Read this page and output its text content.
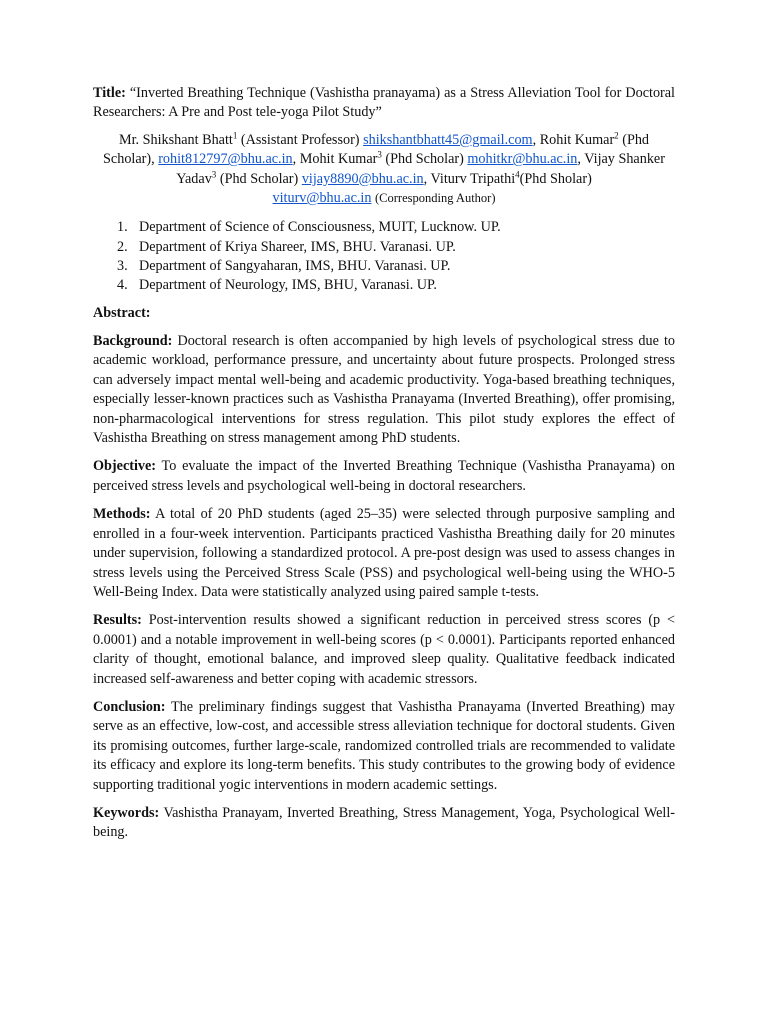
Title: “Inverted Breathing Technique (Vashistha pranayama) as a Stress Alleviation Tool for Doctoral Researchers: A Pre and Post tele-yoga Pilot Study”

Mr. Shikshant Bhatt$^1$ (Assistant Professor) shikshantbhatt45@gmail.com, Rohit Kumar$^2$ (Phd Scholar), rohit812797@bhu.ac.in, Mohit Kumar$^3$ (Phd Scholar) mohitkr@bhu.ac.in, Vijay Shanker Yadav$^3$ (Phd Scholar) vijay8890@bhu.ac.in, Viturv Tripathi$^4$(Phd Sholar)
viturv@bhu.ac.in (Corresponding Author)

1. Department of Science of Consciousness, MUIT, Lucknow. UP.
2. Department of Kriya Shareer, IMS, BHU. Varanasi. UP.
3. Department of Sangyaharan, IMS, BHU. Varanasi. UP.
4. Department of Neurology, IMS, BHU, Varanasi. UP.

Abstract:

Background: Doctoral research is often accompanied by high levels of psychological stress due to academic workload, performance pressure, and uncertainty about future prospects. Prolonged stress can adversely impact mental well-being and academic productivity. Yoga-based breathing techniques, especially lesser-known practices such as Vashistha Pranayama (Inverted Breathing), offer promising, non-pharmacological interventions for stress regulation. This pilot study explores the effect of Vashistha Breathing on stress management among PhD students.

Objective: To evaluate the impact of the Inverted Breathing Technique (Vashistha Pranayama) on perceived stress levels and psychological well-being in doctoral researchers.

Methods: A total of 20 PhD students (aged 25–35) were selected through purposive sampling and enrolled in a four-week intervention. Participants practiced Vashistha Breathing daily for 20 minutes under supervision, following a standardized protocol. A pre-post design was used to assess changes in stress levels using the Perceived Stress Scale (PSS) and psychological well-being using the WHO-5 Well-Being Index. Data were statistically analyzed using paired sample t-tests.

Results: Post-intervention results showed a significant reduction in perceived stress scores (p < 0.0001) and a notable improvement in well-being scores (p < 0.0001). Participants reported enhanced clarity of thought, emotional balance, and improved sleep quality. Qualitative feedback indicated increased self-awareness and better coping with academic stressors.

Conclusion: The preliminary findings suggest that Vashistha Pranayama (Inverted Breathing) may serve as an effective, low-cost, and accessible stress alleviation technique for doctoral students. Given its promising outcomes, further large-scale, randomized controlled trials are recommended to validate its efficacy and explore its long-term benefits. This study contributes to the growing body of evidence supporting traditional yogic interventions in modern academic settings.

Keywords: Vashistha Pranayam, Inverted Breathing, Stress Management, Yoga, Psychological Well-being.
